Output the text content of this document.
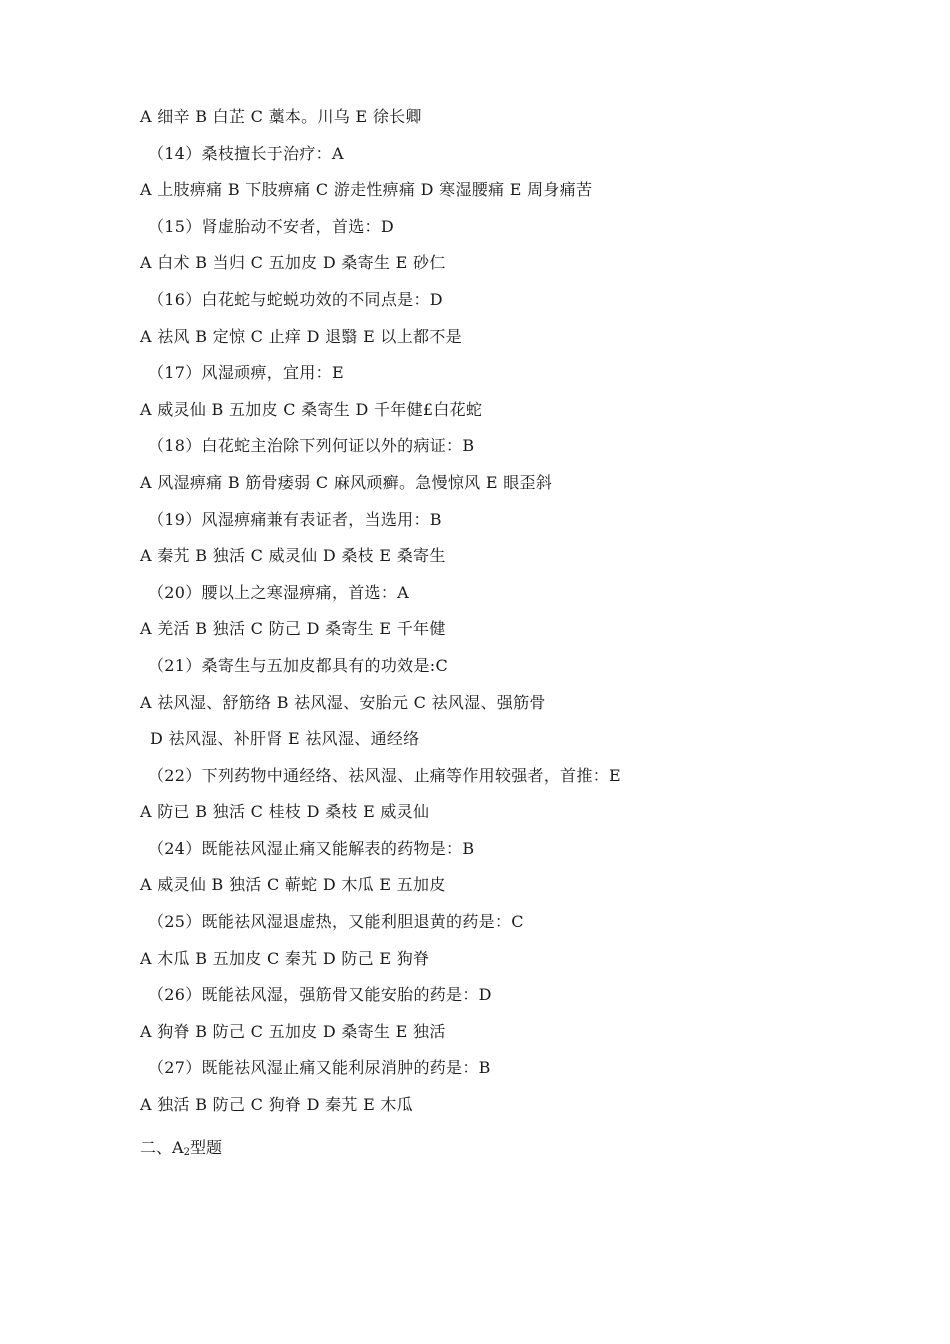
A 细辛 B 白芷 C 藁本。川乌 E 徐长卿
（14）桑枝擅长于治疗：A
A 上肢痹痛 B 下肢痹痛 C 游走性痹痛 D 寒湿腰痛 E 周身痛苦
（15）肾虚胎动不安者，首选：D
A 白术 B 当归 C 五加皮 D 桑寄生 E 砂仁
（16）白花蛇与蛇蜕功效的不同点是：D
A 祛风 B 定惊 C 止痒 D 退翳 E 以上都不是
（17）风湿顽痹，宜用：E
A 威灵仙 B 五加皮 C 桑寄生 D 千年健£白花蛇
（18）白花蛇主治除下列何证以外的病证：B
A 风湿痹痛 B 筋骨痿弱 C 麻风顽癣。急慢惊风 E 眼歪斜
（19）风湿痹痛兼有表证者，当选用：B
A 秦艽 B 独活 C 威灵仙 D 桑枝 E 桑寄生
（20）腰以上之寒湿痹痛，首选：A
A 羌活 B 独活 C 防己 D 桑寄生 E 千年健
（21）桑寄生与五加皮都具有的功效是:C
A 祛风湿、舒筋络 B 祛风湿、安胎元 C 祛风湿、强筋骨
D 祛风湿、补肝肾 E 祛风湿、通经络
（22）下列药物中通经络、祛风湿、止痛等作用较强者，首推：E
A 防已 B 独活 C 桂枝 D 桑枝 E 威灵仙
（24）既能祛风湿止痛又能解表的药物是：B
A 威灵仙 B 独活 C 蕲蛇 D 木瓜 E 五加皮
（25）既能祛风湿退虚热，又能利胆退黄的药是：C
A 木瓜 B 五加皮 C 秦艽 D 防己 E 狗脊
（26）既能祛风湿，强筋骨又能安胎的药是：D
A 狗脊 B 防己 C 五加皮 D 桑寄生 E 独活
（27）既能祛风湿止痛又能利尿消肿的药是：B
A 独活 B 防己 C 狗脊 D 秦艽 E 木瓜
二、$A_2$型题
